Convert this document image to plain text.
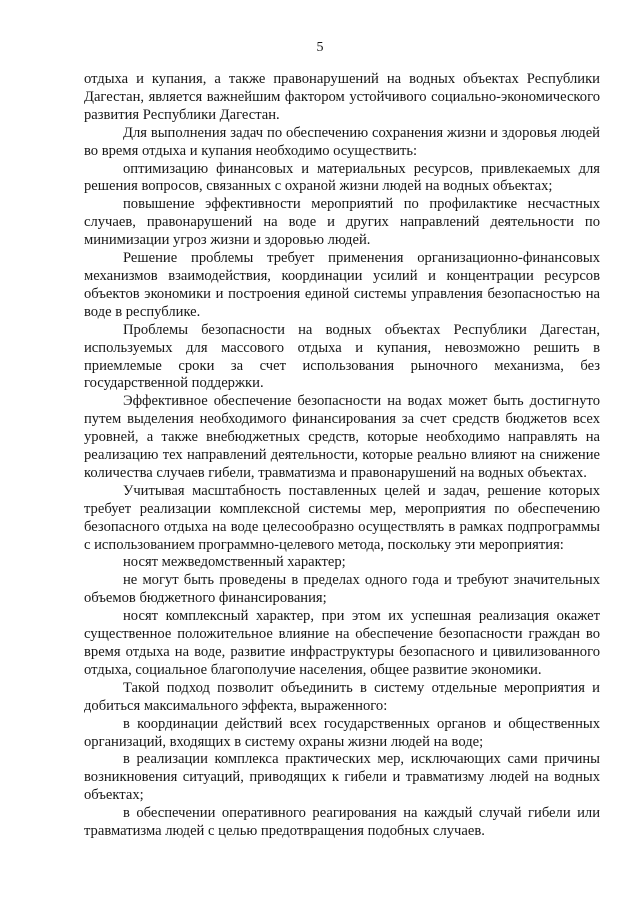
5

отдыха и купания, а также правонарушений на водных объектах Республики Дагестан, является важнейшим фактором устойчивого социально-экономического развития Республики Дагестан.

Для выполнения задач по обеспечению сохранения жизни и здоровья людей во время отдыха и купания необходимо осуществить:

оптимизацию финансовых и материальных ресурсов, привлекаемых для решения вопросов, связанных с охраной жизни людей на водных объектах;

повышение эффективности мероприятий по профилактике несчастных случаев, правонарушений на воде и других направлений деятельности по минимизации угроз жизни и здоровью людей.

Решение проблемы требует применения организационно-финансовых механизмов взаимодействия, координации усилий и концентрации ресурсов объектов экономики и построения единой системы управления безопасностью на воде в республике.

Проблемы безопасности на водных объектах Республики Дагестан, используемых для массового отдыха и купания, невозможно решить в приемлемые сроки за счет использования рыночного механизма, без государственной поддержки.

Эффективное обеспечение безопасности на водах может быть достигнуто путем выделения необходимого финансирования за счет средств бюджетов всех уровней, а также внебюджетных средств, которые необходимо направлять на реализацию тех направлений деятельности, которые реально влияют на снижение количества случаев гибели, травматизма и правонарушений на водных объектах.

Учитывая масштабность поставленных целей и задач, решение которых требует реализации комплексной системы мер, мероприятия по обеспечению безопасного отдыха на воде целесообразно осуществлять в рамках подпрограммы с использованием программно-целевого метода, поскольку эти мероприятия:

носят межведомственный характер;

не могут быть проведены в пределах одного года и требуют значительных объемов бюджетного финансирования;

носят комплексный характер, при этом их успешная реализация окажет существенное положительное влияние на обеспечение безопасности граждан во время отдыха на воде, развитие инфраструктуры безопасного и цивилизованного отдыха, социальное благополучие населения, общее развитие экономики.

Такой подход позволит объединить в систему отдельные мероприятия и добиться максимального эффекта, выраженного:

в координации действий всех государственных органов и общественных организаций, входящих в систему охраны жизни людей на воде;

в реализации комплекса практических мер, исключающих сами причины возникновения ситуаций, приводящих к гибели и травматизму людей на водных объектах;

в обеспечении оперативного реагирования на каждый случай гибели или травматизма людей с целью предотвращения подобных случаев.
